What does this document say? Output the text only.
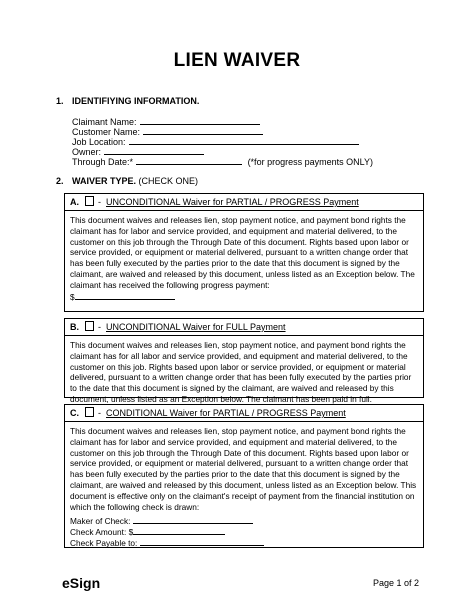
LIEN WAIVER
1. IDENTIFIYING INFORMATION.
Claimant Name:
Customer Name:
Job Location:
Owner:
Through Date:*	(*for progress payments ONLY)
2. WAIVER TYPE. (CHECK ONE)
A. - UNCONDITIONAL Waiver for PARTIAL / PROGRESS Payment
This document waives and releases lien, stop payment notice, and payment bond rights the claimant has for labor and service provided, and equipment and material delivered, to the customer on this job through the Through Date of this document. Rights based upon labor or service provided, or equipment or material delivered, pursuant to a written change order that has been fully executed by the parties prior to the date that this document is signed by the claimant, are waived and released by this document, unless listed as an Exception below. The claimant has received the following progress payment:
$
B. - UNCONDITIONAL Waiver for FULL Payment
This document waives and releases lien, stop payment notice, and payment bond rights the claimant has for all labor and service provided, and equipment and material delivered, to the customer on this job. Rights based upon labor or service provided, or equipment or material delivered, pursuant to a written change order that has been fully executed by the parties prior to the date that this document is signed by the claimant, are waived and released by this document, unless listed as an Exception below. The claimant has been paid in full.
C. - CONDITIONAL Waiver for PARTIAL / PROGRESS Payment
This document waives and releases lien, stop payment notice, and payment bond rights the claimant has for labor and service provided, and equipment and material delivered, to the customer on this job through the Through Date of this document. Rights based upon labor or service provided, or equipment or material delivered, pursuant to a written change order that has been fully executed by the parties prior to the date that this document is signed by the claimant, are waived and released by this document, unless listed as an Exception below. This document is effective only on the claimant's receipt of payment from the financial institution on which the following check is drawn:
Maker of Check:
Check Amount: $
Check Payable to:
eSign	Page 1 of 2
